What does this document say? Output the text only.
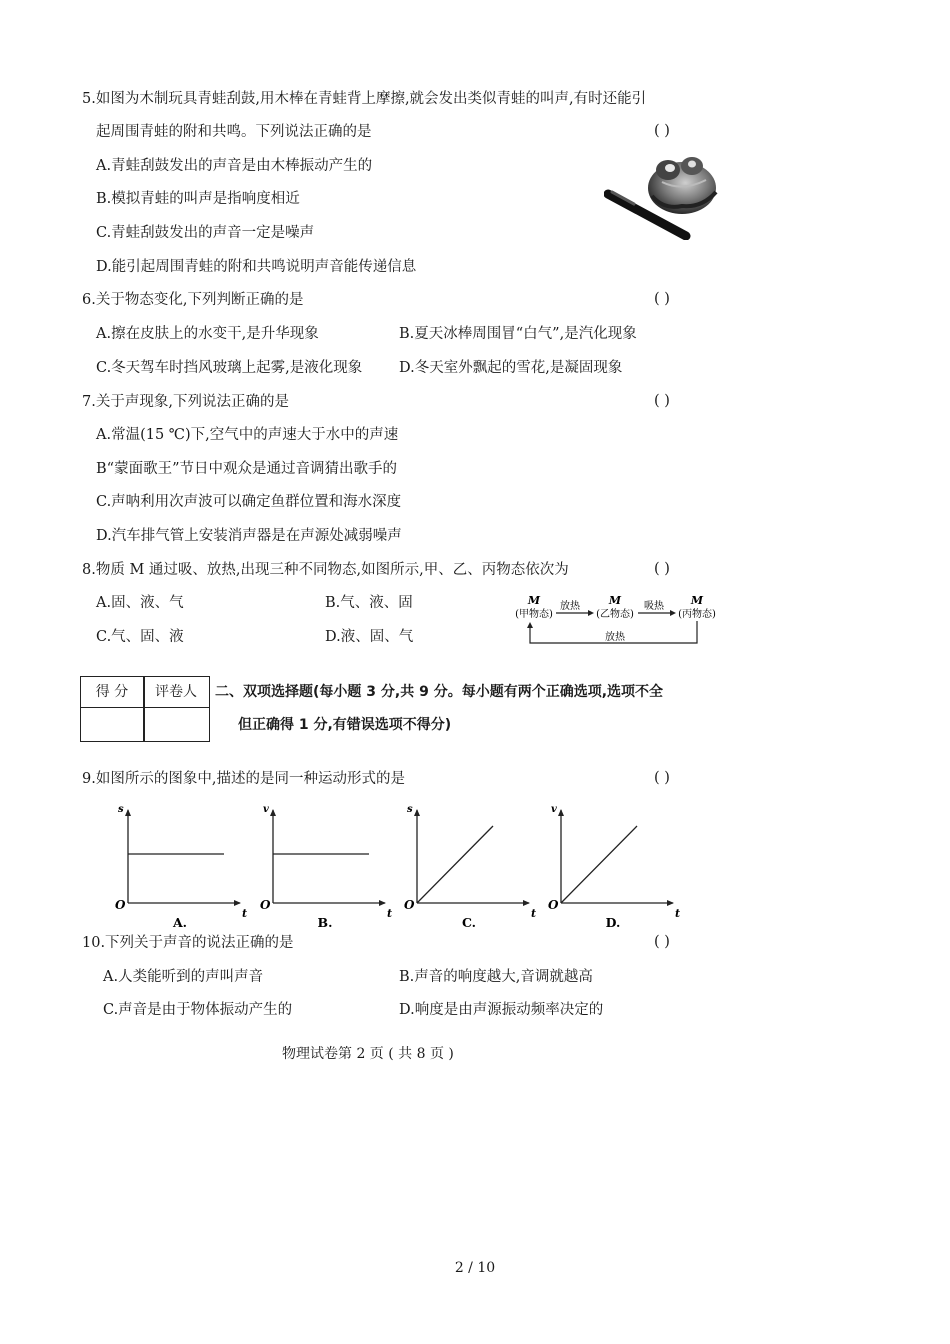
5.如图为木制玩具青蛙刮鼓,用木棒在青蛙背上摩擦,就会发出类似青蛙的叫声,有时还能引
起周围青蛙的附和共鸣。下列说法正确的是	( )
A.青蛙刮鼓发出的声音是由木棒振动产生的
B.模拟青蛙的叫声是指响度相近
C.青蛙刮鼓发出的声音一定是噪声
D.能引起周围青蛙的附和共鸣说明声音能传递信息
6.关于物态变化,下列判断正确的是	( )
A.擦在皮肤上的水变干,是升华现象	B.夏天冰棒周围冒“白气”,是汽化现象
C.冬天驾车时挡风玻璃上起雾,是液化现象	D.冬天室外飘起的雪花,是凝固现象
7.关于声现象,下列说法正确的是	( )
A.常温(15 ℃)下,空气中的声速大于水中的声速
B“蒙面歌王”节日中观众是通过音调猜出歌手的
C.声呐利用次声波可以确定鱼群位置和海水深度
D.汽车排气管上安装消声器是在声源处减弱噪声
8.物质 M 通过吸、放热,出现三种不同物态,如图所示,甲、乙、丙物态依次为	( )
A.固、液、气	B.气、液、固
C.气、固、液	D.液、固、气
M
(甲物态)
M
(乙物态)
M
(丙物态)
放热	吸热
放热
得 分	评卷人	二、双项选择题(每小题 3 分,共 9 分。每小题有两个正确选项,选项不全
但正确得 1 分,有错误选项不得分)
9.如图所示的图象中,描述的是同一种运动形式的是	( )
s
t
O
A.
v
t
O
B.
s
t
O
C.
v
t
O
D.
10.下列关于声音的说法正确的是	( )
A.人类能听到的声叫声音	B.声音的响度越大,音调就越高
C.声音是由于物体振动产生的	D.响度是由声源振动频率决定的
物理试卷第 2 页 ( 共 8 页 )
2 / 10
